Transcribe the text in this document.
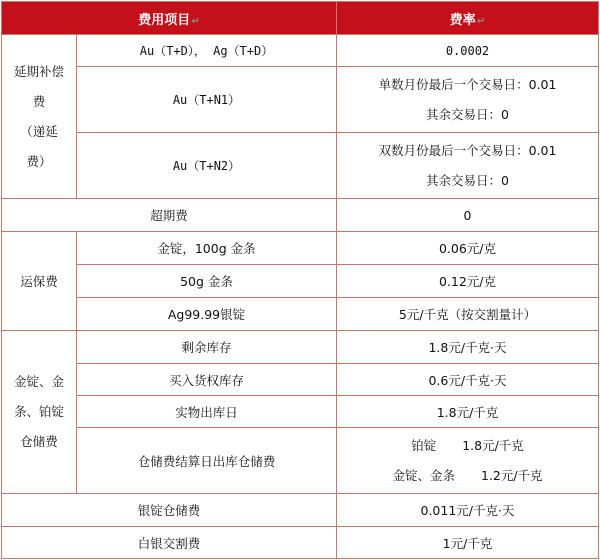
费用项目↵		费率↵

延期补偿
费
（递延
费）	Au（T+D）， Ag（T+D）	0.0002
	Au（T+N1）	单数月份最后一个交易日：0.01
其余交易日：0

	Au（T+N2）	双数月份最后一个交易日：0.01
其余交易日：0

超期费		0
运保费	金锭，100g 金条	0.06元/克
	50g 金条	0.12元/克
	Ag99.99银锭	5元/千克（按交割量计）

金锭、金
条、铂锭
仓储费	剩余库存	1.8元/千克·天
	买入货权库存	0.6元/千克·天
	实物出库日	1.8元/千克
	仓储费结算日出库仓储费	铂锭 1.8元/千克
金锭、金条 1.2元/千克

银锭仓储费		0.011元/千克·天
白银交割费		1元/千克
